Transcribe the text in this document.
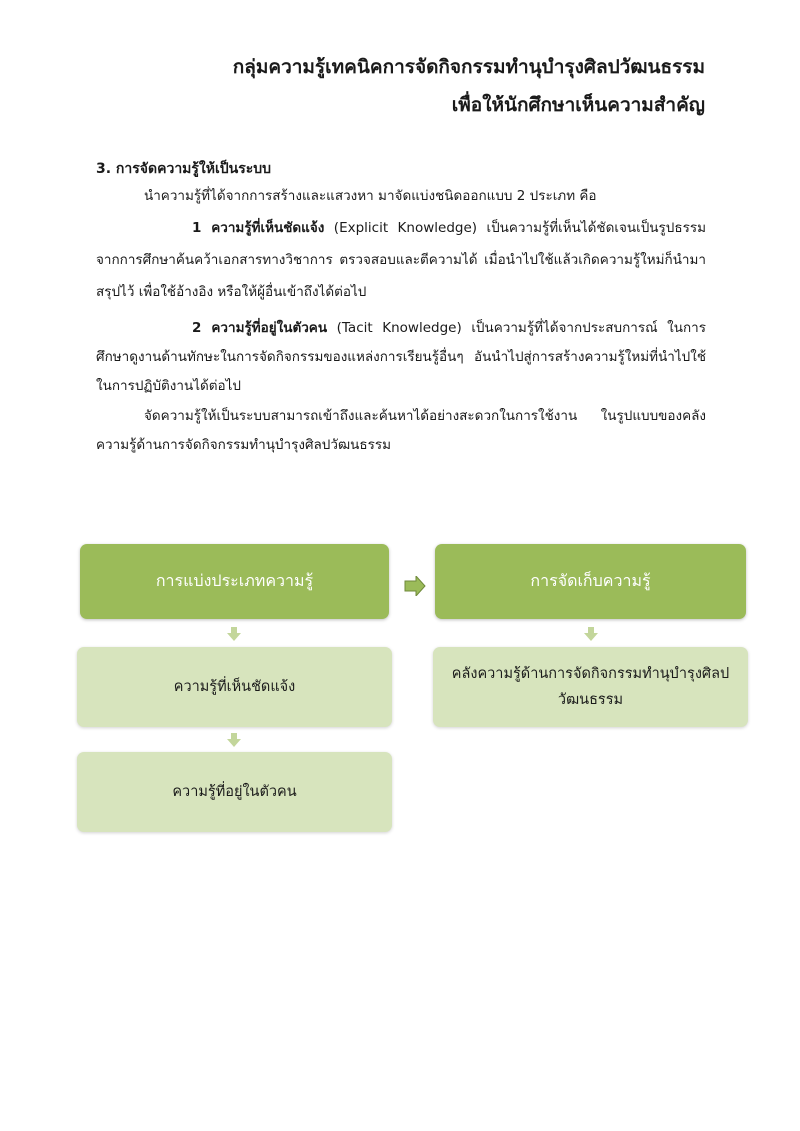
กลุ่มความรู้เทคนิคการจัดกิจกรรมทำนุบำรุงศิลปวัฒนธรรม
เพื่อให้นักศึกษาเห็นความสำคัญ
3. การจัดความรู้ให้เป็นระบบ

นำความรู้ที่ได้จากการสร้างและแสวงหา มาจัดแบ่งชนิดออกแบบ 2 ประเภท คือ

1 ความรู้ที่เห็นชัดแจ้ง (Explicit Knowledge) เป็นความรู้ที่เห็นได้ชัดเจนเป็นรูปธรรมจากการศึกษาค้นคว้าเอกสารทางวิชาการ ตรวจสอบและตีความได้ เมื่อนำไปใช้แล้วเกิดความรู้ใหม่ก็นำมาสรุปไว้ เพื่อใช้อ้างอิง หรือให้ผู้อื่นเข้าถึงได้ต่อไป

2 ความรู้ที่อยู่ในตัวคน (Tacit Knowledge) เป็นความรู้ที่ได้จากประสบการณ์ ในการศึกษาดูงานด้านทักษะในการจัดกิจกรรมของแหล่งการเรียนรู้อื่นๆ อันนำไปสู่การสร้างความรู้ใหม่ที่นำไปใช้ในการปฏิบัติงานได้ต่อไป

จัดความรู้ให้เป็นระบบสามารถเข้าถึงและค้นหาได้อย่างสะดวกในการใช้งาน ในรูปแบบของคลังความรู้ด้านการจัดกิจกรรมทำนุบำรุงศิลปวัฒนธรรม

การแบ่งประเภทความรู้	การจัดเก็บความรู้
ความรู้ที่เห็นชัดแจ้ง
ความรู้ที่อยู่ในตัวคน
คลังความรู้ด้านการจัดกิจกรรมทำนุบำรุงศิลปวัฒนธรรม
